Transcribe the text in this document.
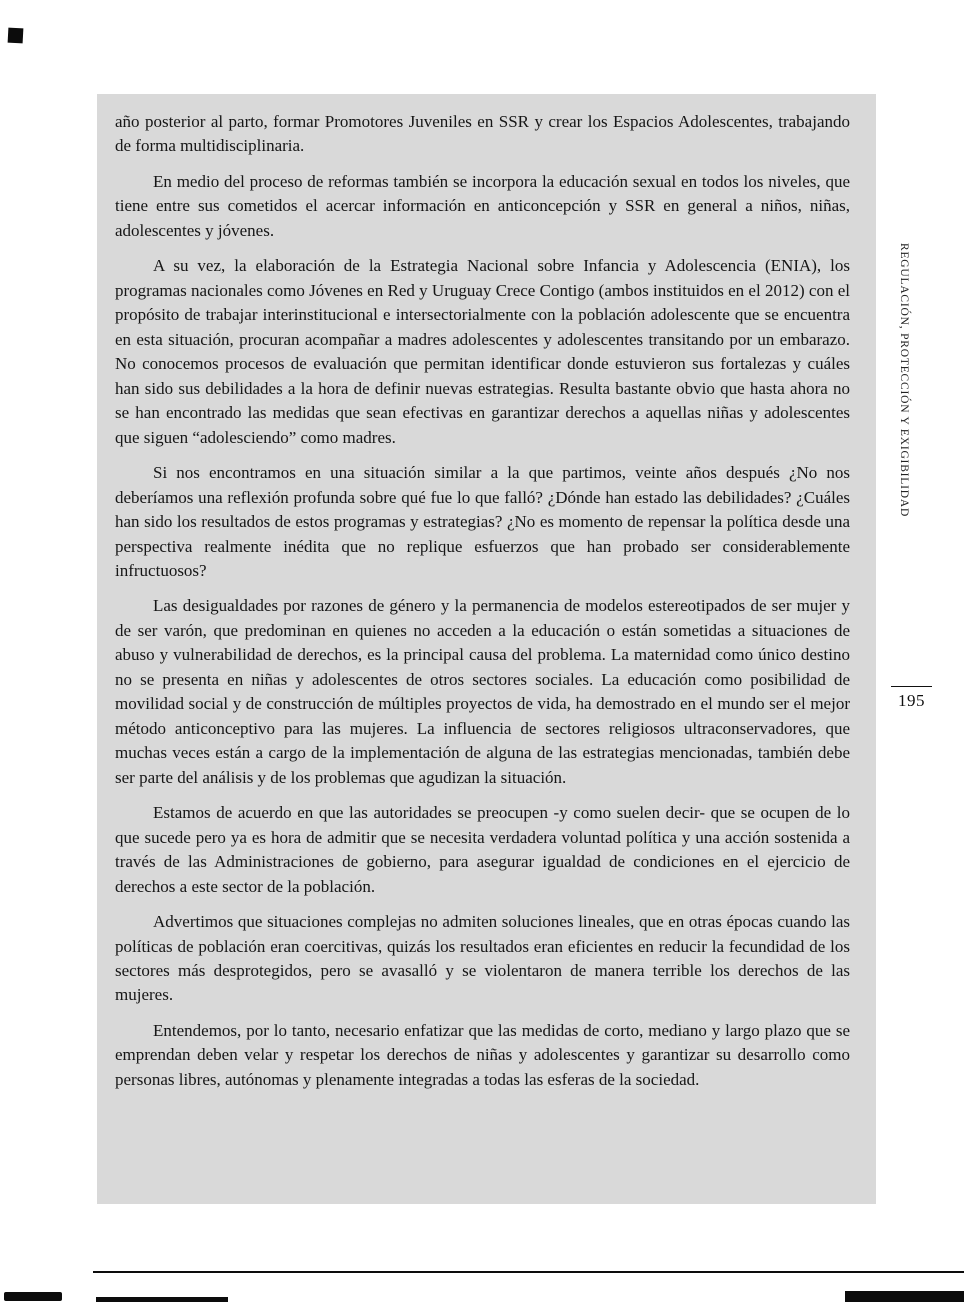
año posterior al parto, formar Promotores Juveniles en SSR y crear los Espacios Adolescentes, trabajando de forma multidisciplinaria.

En medio del proceso de reformas también se incorpora la educación sexual en todos los niveles, que tiene entre sus cometidos el acercar información en anticoncepción y SSR en general a niños, niñas, adolescentes y jóvenes.

A su vez, la elaboración de la Estrategia Nacional sobre Infancia y Adolescencia (ENIA), los programas nacionales como Jóvenes en Red y Uruguay Crece Contigo (ambos instituidos en el 2012) con el propósito de trabajar interinstitucional e intersectorialmente con la población adolescente que se encuentra en esta situación, procuran acompañar a madres adolescentes y adolescentes transitando por un embarazo. No conocemos procesos de evaluación que permitan identificar donde estuvieron sus fortalezas y cuáles han sido sus debilidades a la hora de definir nuevas estrategias. Resulta bastante obvio que hasta ahora no se han encontrado las medidas que sean efectivas en garantizar derechos a aquellas niñas y adolescentes que siguen “adolesciendo” como madres.

Si nos encontramos en una situación similar a la que partimos, veinte años después ¿No nos deberíamos una reflexión profunda sobre qué fue lo que falló? ¿Dónde han estado las debilidades? ¿Cuáles han sido los resultados de estos programas y estrategias? ¿No es momento de repensar la política desde una perspectiva realmente inédita que no replique esfuerzos que han probado ser considerablemente infructuosos?

Las desigualdades por razones de género y la permanencia de modelos estereotipados de ser mujer y de ser varón, que predominan en quienes no acceden a la educación o están sometidas a situaciones de abuso y vulnerabilidad de derechos, es la principal causa del problema. La maternidad como único destino no se presenta en niñas y adolescentes de otros sectores sociales. La educación como posibilidad de movilidad social y de construcción de múltiples proyectos de vida, ha demostrado en el mundo ser el mejor método anticonceptivo para las mujeres. La influencia de sectores religiosos ultraconservadores, que muchas veces están a cargo de la implementación de alguna de las estrategias mencionadas, también debe ser parte del análisis y de los problemas que agudizan la situación.

Estamos de acuerdo en que las autoridades se preocupen -y como suelen decir- que se ocupen de lo que sucede pero ya es hora de admitir que se necesita verdadera voluntad política y una acción sostenida a través de las Administraciones de gobierno, para asegurar igualdad de condiciones en el ejercicio de derechos a este sector de la población.

Advertimos que situaciones complejas no admiten soluciones lineales, que en otras épocas cuando las políticas de población eran coercitivas, quizás los resultados eran eficientes en reducir la fecundidad de los sectores más desprotegidos, pero se avasalló y se violentaron de manera terrible los derechos de las mujeres.

Entendemos, por lo tanto, necesario enfatizar que las medidas de corto, mediano y largo plazo que se emprendan deben velar y respetar los derechos de niñas y adolescentes y garantizar su desarrollo como personas libres, autónomas y plenamente integradas a todas las esferas de la sociedad.

REGULACIÓN, PROTECCIÓN Y EXIGIBILIDAD
195
